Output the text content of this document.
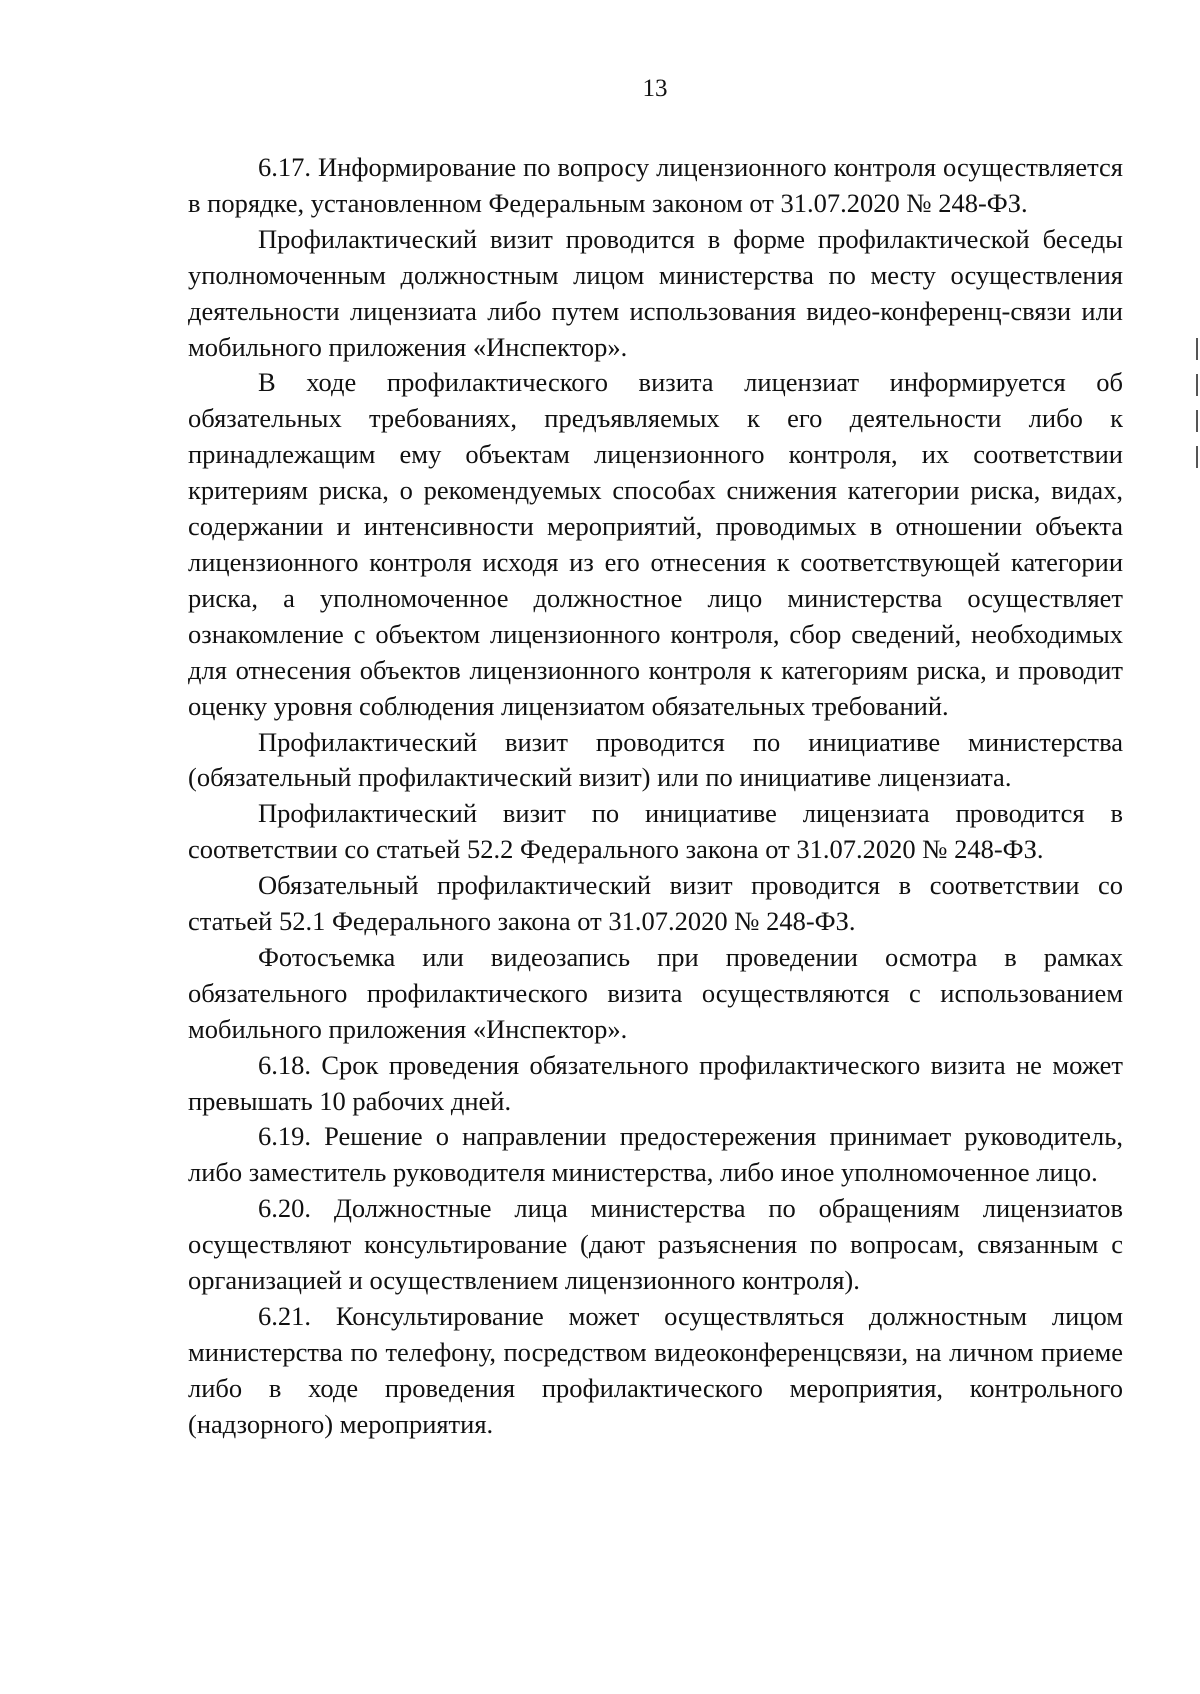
13

6.17. Информирование по вопросу лицензионного контроля осуществляется в порядке, установленном Федеральным законом от 31.07.2020 № 248-ФЗ.

Профилактический визит проводится в форме профилактической беседы уполномоченным должностным лицом министерства по месту осуществления деятельности лицензиата либо путем использования видео-конференц-связи или мобильного приложения «Инспектор».

В ходе профилактического визита лицензиат информируется об обязательных требованиях, предъявляемых к его деятельности либо к принадлежащим ему объектам лицензионного контроля, их соответствии критериям риска, о рекомендуемых способах снижения категории риска, видах, содержании и интенсивности мероприятий, проводимых в отношении объекта лицензионного контроля исходя из его отнесения к соответствующей категории риска, а уполномоченное должностное лицо министерства осуществляет ознакомление с объектом лицензионного контроля, сбор сведений, необходимых для отнесения объектов лицензионного контроля к категориям риска, и проводит оценку уровня соблюдения лицензиатом обязательных требований.

Профилактический визит проводится по инициативе министерства (обязательный профилактический визит) или по инициативе лицензиата.

Профилактический визит по инициативе лицензиата проводится в соответствии со статьей 52.2 Федерального закона от 31.07.2020 № 248-ФЗ.

Обязательный профилактический визит проводится в соответствии со статьей 52.1 Федерального закона от 31.07.2020 № 248-ФЗ.

Фотосъемка или видеозапись при проведении осмотра в рамках обязательного профилактического визита осуществляются с использованием мобильного приложения «Инспектор».

6.18. Срок проведения обязательного профилактического визита не может превышать 10 рабочих дней.

6.19. Решение о направлении предостережения принимает руководитель, либо заместитель руководителя министерства, либо иное уполномоченное лицо.

6.20. Должностные лица министерства по обращениям лицензиатов осуществляют консультирование (дают разъяснения по вопросам, связанным с организацией и осуществлением лицензионного контроля).

6.21. Консультирование может осуществляться должностным лицом министерства по телефону, посредством видеоконференцсвязи, на личном приеме либо в ходе проведения профилактического мероприятия, контрольного (надзорного) мероприятия.
